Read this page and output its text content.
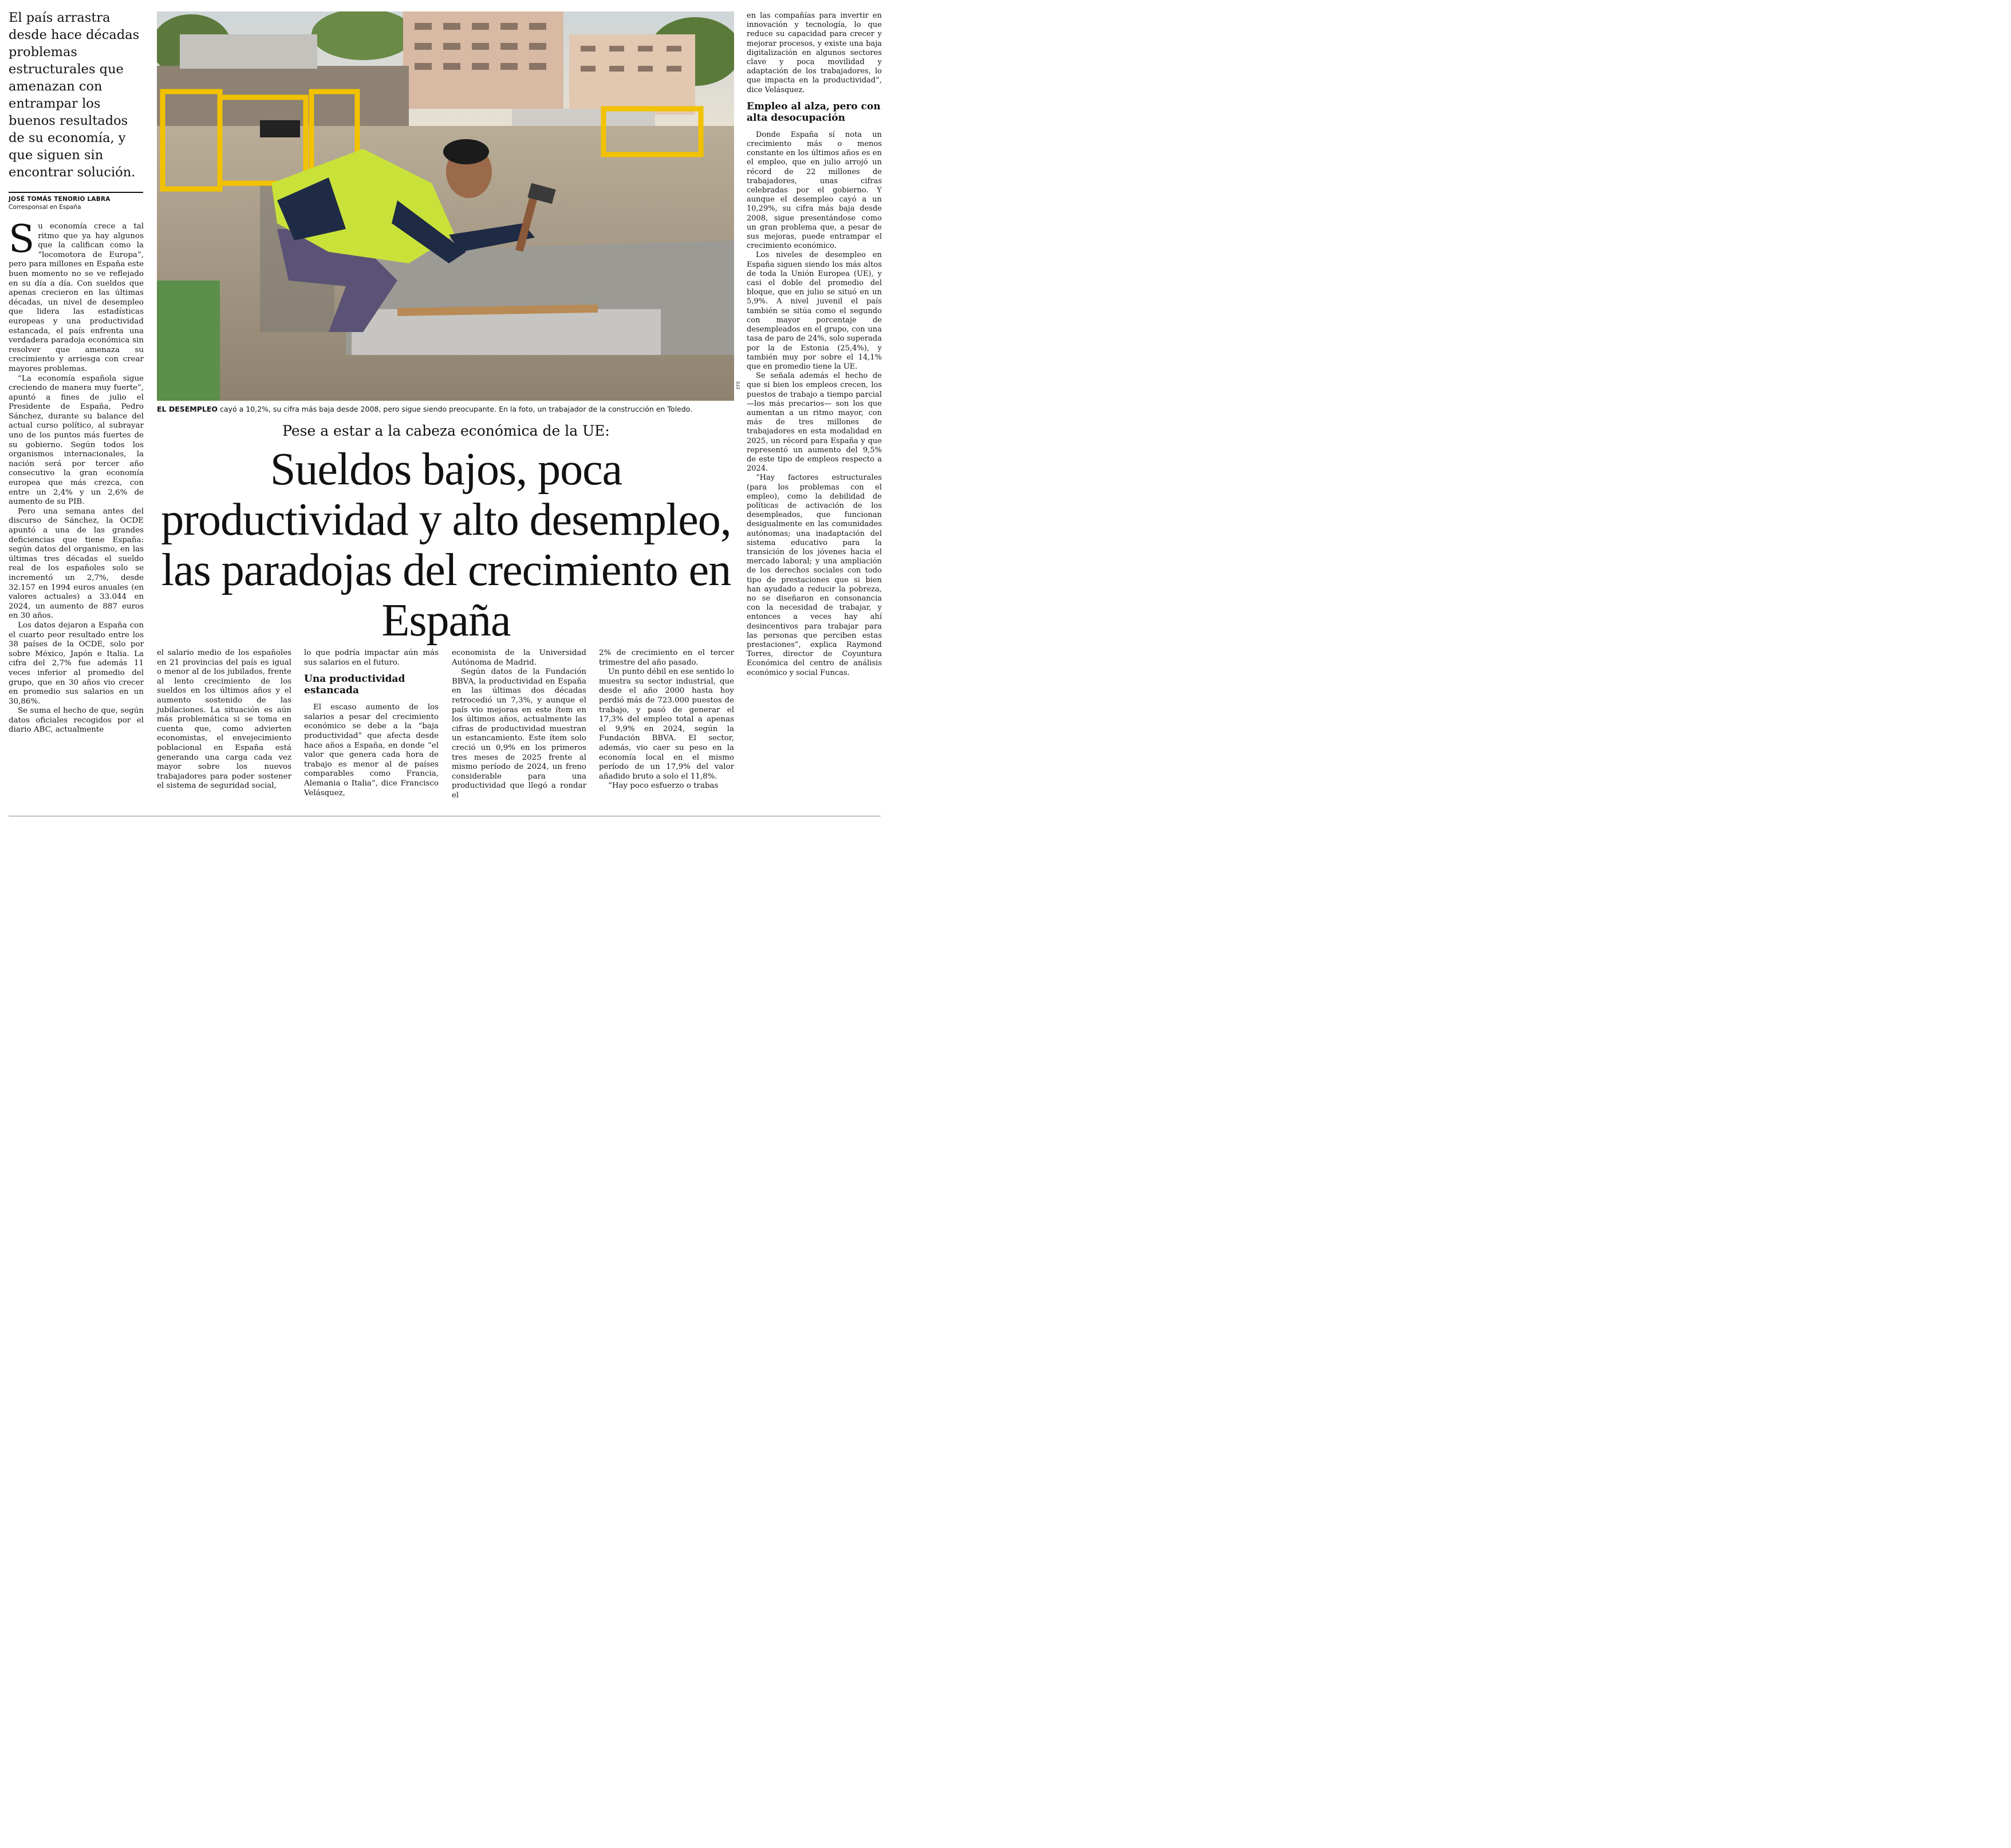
El país arrastra desde hace décadas problemas estructurales que amenazan con entrampar los buenos resultados de su economía, y que siguen sin encontrar solución.
JOSÉ TOMÁS TENORIO LABRA
Corresponsal en España

Su economía crece a tal ritmo que ya hay algunos que la califican como la “locomotora de Europa”, pero para millones en España este buen momento no se ve reflejado en su día a día. Con sueldos que apenas crecieron en las últimas décadas, un nivel de desempleo que lidera las estadísticas europeas y una productividad estancada, el país enfrenta una verdadera paradoja económica sin resolver que amenaza su crecimiento y arriesga con crear mayores problemas.

“La economía española sigue creciendo de manera muy fuerte”, apuntó a fines de julio el Presidente de España, Pedro Sánchez, durante su balance del actual curso político, al subrayar uno de los puntos más fuertes de su gobierno. Según todos los organismos internacionales, la nación será por tercer año consecutivo la gran economía europea que más crezca, con entre un 2,4% y un 2,6% de aumento de su PIB.

Pero una semana antes del discurso de Sánchez, la OCDE apuntó a una de las grandes deficiencias que tiene España: según datos del organismo, en las últimas tres décadas el sueldo real de los españoles solo se incrementó un 2,7%, desde 32.157 en 1994 euros anuales (en valores actuales) a 33.044 en 2024, un aumento de 887 euros en 30 años.

Los datos dejaron a España con el cuarto peor resultado entre los 38 países de la OCDE, solo por sobre México, Japón e Italia. La cifra del 2,7% fue además 11 veces inferior al promedio del grupo, que en 30 años vio crecer en promedio sus salarios en un 30,86%.

Se suma el hecho de que, según datos oficiales recogidos por el diario ABC, actualmente

EFE
EL DESEMPLEO cayó a 10,2%, su cifra más baja desde 2008, pero sigue siendo preocupante. En la foto, un trabajador de la construcción en Toledo.
Pese a estar a la cabeza económica de la UE:
Sueldos bajos, poca productividad y alto desempleo, las paradojas del crecimiento en España

el salario medio de los españoles en 21 provincias del país es igual o menor al de los jubilados, frente al lento crecimiento de los sueldos en los últimos años y el aumento sostenido de las jubilaciones. La situación es aún más problemática si se toma en cuenta que, como advierten economistas, el envejecimiento poblacional en España está generando una carga cada vez mayor sobre los nuevos trabajadores para poder sostener el sistema de seguridad social,

lo que podría impactar aún más sus salarios en el futuro.

Una productividad estancada

El escaso aumento de los salarios a pesar del crecimiento económico se debe a la “baja productividad” que afecta desde hace años a España, en donde “el valor que genera cada hora de trabajo es menor al de países comparables como Francia, Alemania o Italia”, dice Francisco Velásquez,

economista de la Universidad Autónoma de Madrid.

Según datos de la Fundación BBVA, la productividad en España en las últimas dos décadas retrocedió un 7,3%, y aunque el país vio mejoras en este ítem en los últimos años, actualmente las cifras de productividad muestran un estancamiento. Este ítem solo creció un 0,9% en los primeros tres meses de 2025 frente al mismo período de 2024, un freno considerable para una productividad que llegó a rondar el

2% de crecimiento en el tercer trimestre del año pasado.

Un punto débil en ese sentido lo muestra su sector industrial, que desde el año 2000 hasta hoy perdió más de 723.000 puestos de trabajo, y pasó de generar el 17,3% del empleo total a apenas el 9,9% en 2024, según la Fundación BBVA. El sector, además, vio caer su peso en la economía local en el mismo período de un 17,9% del valor añadido bruto a solo el 11,8%.

“Hay poco esfuerzo o trabas

en las compañías para invertir en innovación y tecnología, lo que reduce su capacidad para crecer y mejorar procesos, y existe una baja digitalización en algunos sectores clave y poca movilidad y adaptación de los trabajadores, lo que impacta en la productividad”, dice Velásquez.

Empleo al alza, pero con alta desocupación

Donde España sí nota un crecimiento más o menos constante en los últimos años es en el empleo, que en julio arrojó un récord de 22 millones de trabajadores, unas cifras celebradas por el gobierno. Y aunque el desempleo cayó a un 10,29%, su cifra más baja desde 2008, sigue presentándose como un gran problema que, a pesar de sus mejoras, puede entrampar el crecimiento económico.

Los niveles de desempleo en España siguen siendo los más altos de toda la Unión Europea (UE), y casi el doble del promedio del bloque, que en julio se situó en un 5,9%. A nivel juvenil el país también se sitúa como el segundo con mayor porcentaje de desempleados en el grupo, con una tasa de paro de 24%, solo superada por la de Estonia (25,4%), y también muy por sobre el 14,1% que en promedio tiene la UE.

Se señala además el hecho de que si bien los empleos crecen, los puestos de trabajo a tiempo parcial —los más precarios— son los que aumentan a un ritmo mayor, con más de tres millones de trabajadores en esta modalidad en 2025, un récord para España y que representó un aumento del 9,5% de este tipo de empleos respecto a 2024.

“Hay factores estructurales (para los problemas con el empleo), como la debilidad de políticas de activación de los desempleados, que funcionan desigualmente en las comunidades autónomas; una inadaptación del sistema educativo para la transición de los jóvenes hacia el mercado laboral; y una ampliación de los derechos sociales con todo tipo de prestaciones que si bien han ayudado a reducir la pobreza, no se diseñaron en consonancia con la necesidad de trabajar, y entonces a veces hay ahí desincentivos para trabajar para las personas que perciben estas prestaciones”, explica Raymond Torres, director de Coyuntura Económica del centro de análisis económico y social Funcas.
